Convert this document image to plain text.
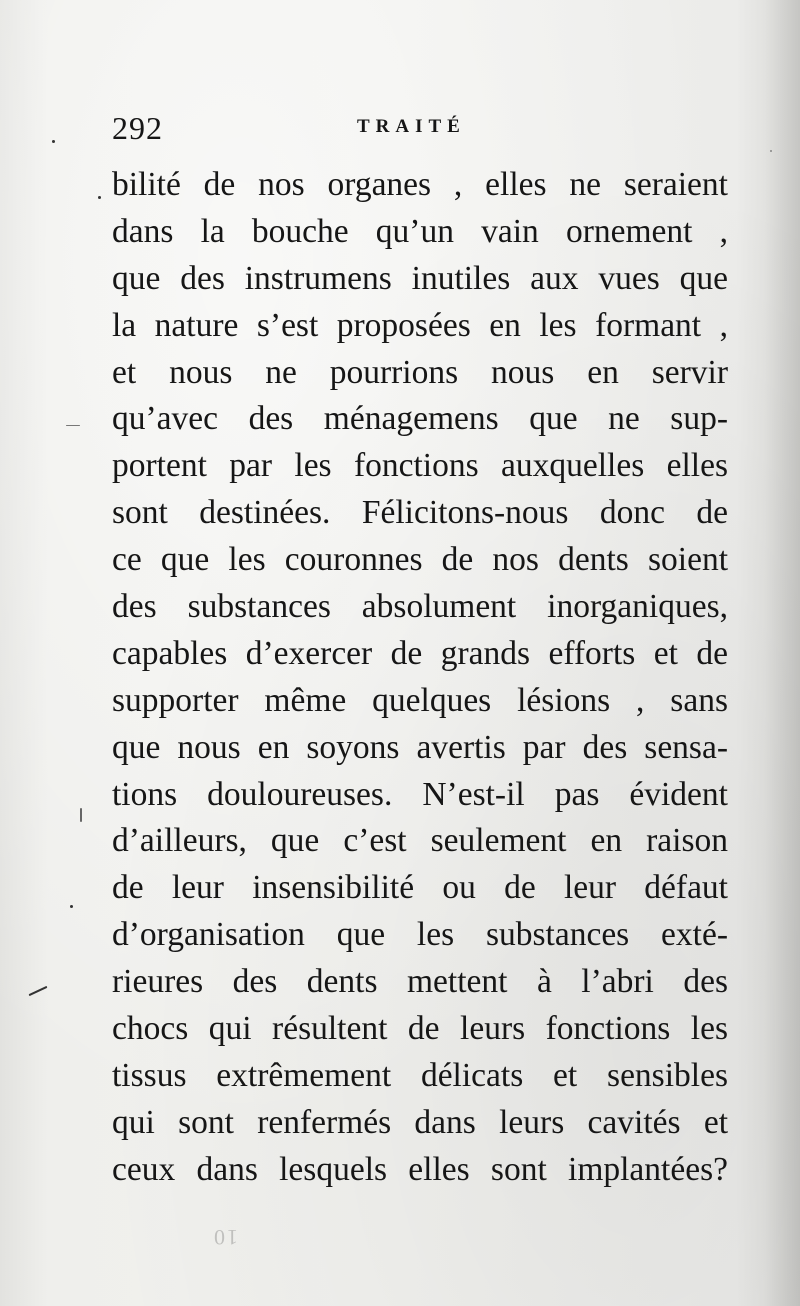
292	TRAITÉ
bilité de nos organes , elles ne seraient
dans la bouche qu’un vain ornement ,
que des instrumens inutiles aux vues que
la nature s’est proposées en les formant ,
et nous ne pourrions nous en servir
qu’avec des ménagemens que ne sup-
portent par les fonctions auxquelles elles
sont destinées. Félicitons-nous donc de
ce que les couronnes de nos dents soient
des substances absolument inorganiques,
capables d’exercer de grands efforts et de
supporter même quelques lésions , sans
que nous en soyons avertis par des sensa-
tions douloureuses. N’est-il pas évident
d’ailleurs, que c’est seulement en raison
de leur insensibilité ou de leur défaut
d’organisation que les substances exté-
rieures des dents mettent à l’abri des
chocs qui résultent de leurs fonctions les
tissus extrêmement délicats et sensibles
qui sont renfermés dans leurs cavités et
ceux dans lesquels elles sont implantées?
10
